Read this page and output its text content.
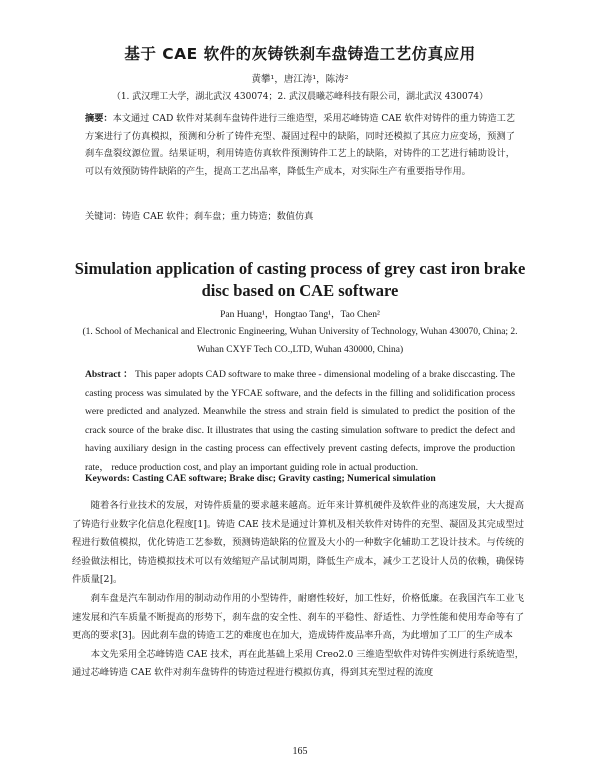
基于 CAE 软件的灰铸铁刹车盘铸造工艺仿真应用
黄攀¹，唐江涛¹，陈涛²
（1. 武汉理工大学，湖北武汉 430074；2. 武汉晨曦芯峰科技有限公司，湖北武汉 430074）
摘要：本文通过 CAD 软件对某刹车盘铸件进行三维造型，采用芯峰铸造 CAE 软件对铸件的重力铸造工艺方案进行了仿真模拟，预测和分析了铸件充型、凝固过程中的缺陷，同时还模拟了其应力应变场，预测了刹车盘裂纹源位置。结果证明，利用铸造仿真软件预测铸件工艺上的缺陷，对铸件的工艺进行辅助设计，可以有效预防铸件缺陷的产生，提高工艺出品率，降低生产成本，对实际生产有重要指导作用。
关键词：铸造 CAE 软件；刹车盘；重力铸造；数值仿真
Simulation application of casting process of grey cast iron brake disc based on CAE software
Pan Huang¹，Hongtao Tang¹，Tao Chen²
(1. School of Mechanical and Electronic Engineering, Wuhan University of Technology, Wuhan 430070, China; 2. Wuhan CXYF Tech CO.,LTD, Wuhan 430000, China)
Abstract ： This paper adopts CAD software to make three - dimensional modeling of a brake disccasting. The casting process was simulated by the YFCAE software, and the defects in the filling and solidification process were predicted and analyzed. Meanwhile the stress and strain field is simulated to predict the position of the crack source of the brake disc. It illustrates that using the casting simulation software to predict the defect and having auxiliary design in the casting process can effectively prevent casting defects, improve the production rate， reduce production cost, and play an important guiding role in actual production.
Keywords: Casting CAE software; Brake disc; Gravity casting; Numerical simulation

随着各行业技术的发展，对铸件质量的要求越来越高。近年来计算机硬件及软件业的高速发展，大大提高了铸造行业数字化信息化程度[1]。铸造 CAE 技术是通过计算机及相关软件对铸件的充型、凝固及其完成型过程进行数值模拟，优化铸造工艺参数，预测铸造缺陷的位置及大小的一种数字化辅助工艺设计技术。与传统的经验做法相比，铸造模拟技术可以有效缩短产品试制周期，降低生产成本，减少工艺设计人员的依赖，确保铸件质量[2]。

刹车盘是汽车制动作用的制动动作用的小型铸件，耐磨性较好，加工性好，价格低廉。在我国汽车工业飞速发展和汽车质量不断提高的形势下，刹车盘的安全性、刹车的平稳性、舒适性、力学性能和使用寿命等有了更高的要求[3]。因此刹车盘的铸造工艺的难度也在加大，造成铸件废品率升高，为此增加了工厂的生产成本

本文先采用全芯峰铸造 CAE 技术，再在此基础上采用 Creo2.0 三维造型软件对铸件实例进行系统造型，通过芯峰铸造 CAE 软件对刹车盘铸件的铸造过程进行模拟仿真，得到其充型过程的流度

165
